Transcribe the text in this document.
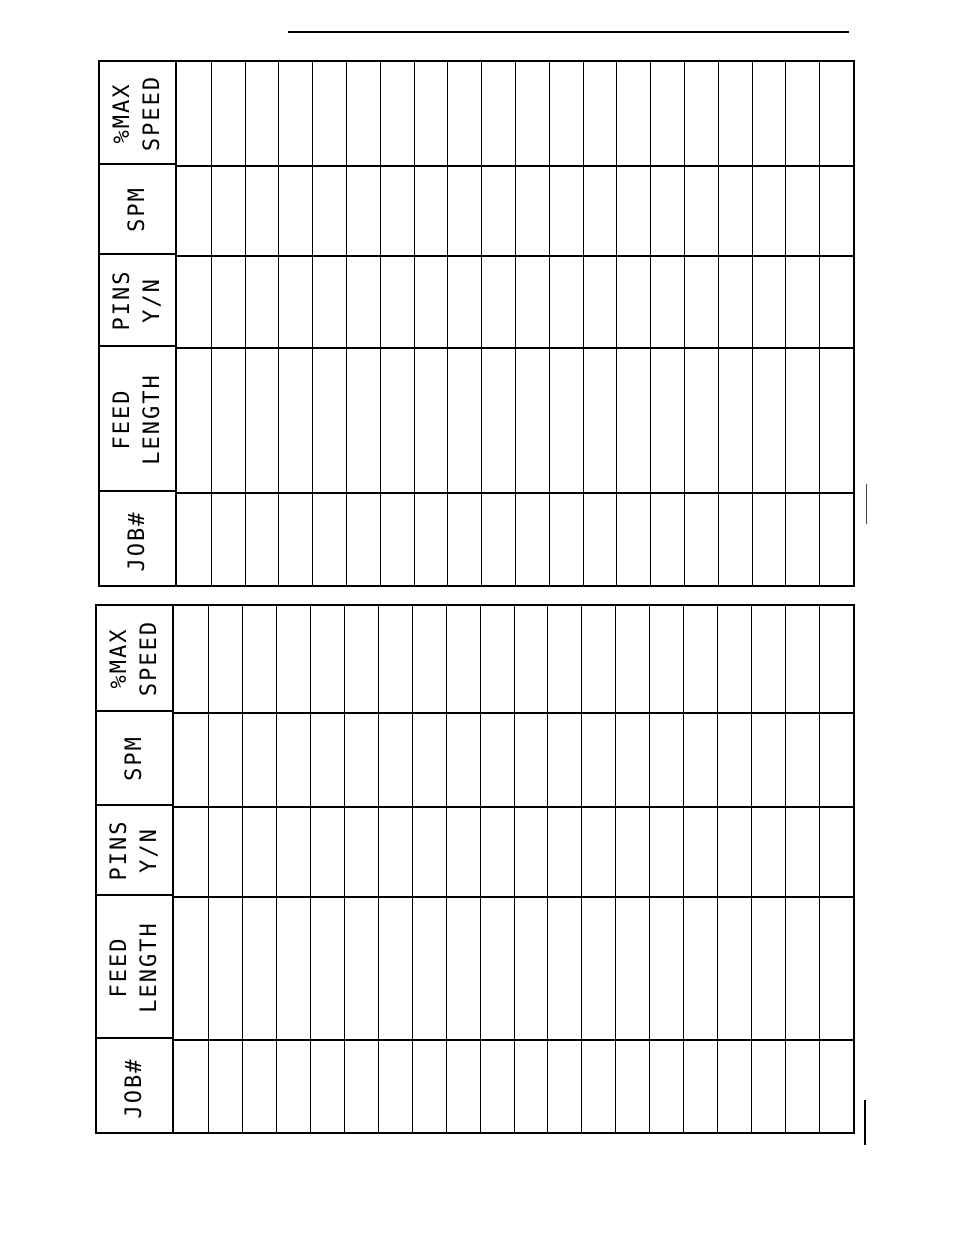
%MAX SPEED
SPM
PINS Y/N
FEED LENGTH
JOB#
%MAX SPEED
SPM
PINS Y/N
FEED LENGTH
JOB#
